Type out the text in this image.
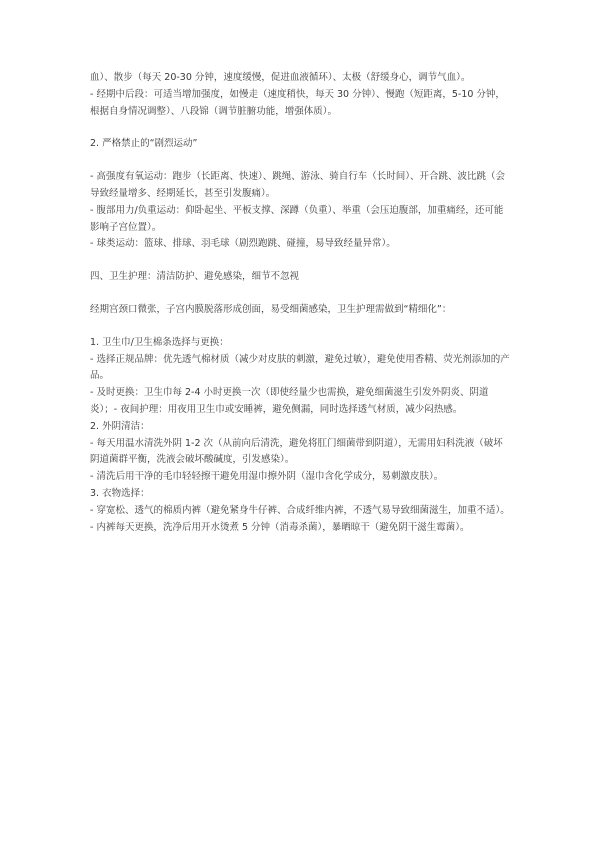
血）、散步（每天 20-30 分钟，速度缓慢，促进血液循环）、太极（舒缓身心，调节气血）。

- 经期中后段：可适当增加强度，如慢走（速度稍快，每天 30 分钟）、慢跑（短距离，5-10 分钟，根据自身情况调整）、八段锦（调节脏腑功能，增强体质）。

2. 严格禁止的“剧烈运动”

- 高强度有氧运动：跑步（长距离、快速）、跳绳、游泳、骑自行车（长时间）、开合跳、波比跳（会导致经量增多、经期延长，甚至引发腹痛）。

- 腹部用力/负重运动：仰卧起坐、平板支撑、深蹲（负重）、举重（会压迫腹部，加重痛经，还可能影响子宫位置）。

- 球类运动：篮球、排球、羽毛球（剧烈跑跳、碰撞，易导致经量异常）。

四、卫生护理：清洁防护、避免感染，细节不忽视

经期宫颈口微张，子宫内膜脱落形成创面，易受细菌感染，卫生护理需做到“精细化”：

1. 卫生巾/卫生棉条选择与更换：

- 选择正规品牌：优先透气棉材质（减少对皮肤的刺激，避免过敏），避免使用香精、荧光剂添加的产品。

- 及时更换：卫生巾每 2-4 小时更换一次（即使经量少也需换，避免细菌滋生引发外阴炎、阴道炎）；- 夜间护理：用夜用卫生巾或安睡裤，避免侧漏，同时选择透气材质，减少闷热感。

2. 外阴清洁：

- 每天用温水清洗外阴 1-2 次（从前向后清洗，避免将肛门细菌带到阴道），无需用妇科洗液（破坏阴道菌群平衡，洗液会破坏酸碱度，引发感染）。

- 清洗后用干净的毛巾轻轻擦干避免用湿巾擦外阴（湿巾含化学成分，易刺激皮肤）。

3. 衣物选择：

- 穿宽松、透气的棉质内裤（避免紧身牛仔裤、合成纤维内裤，不透气易导致细菌滋生，加重不适）。

- 内裤每天更换，洗净后用开水烫煮 5 分钟（消毒杀菌），暴晒晾干（避免阴干滋生霉菌）。
